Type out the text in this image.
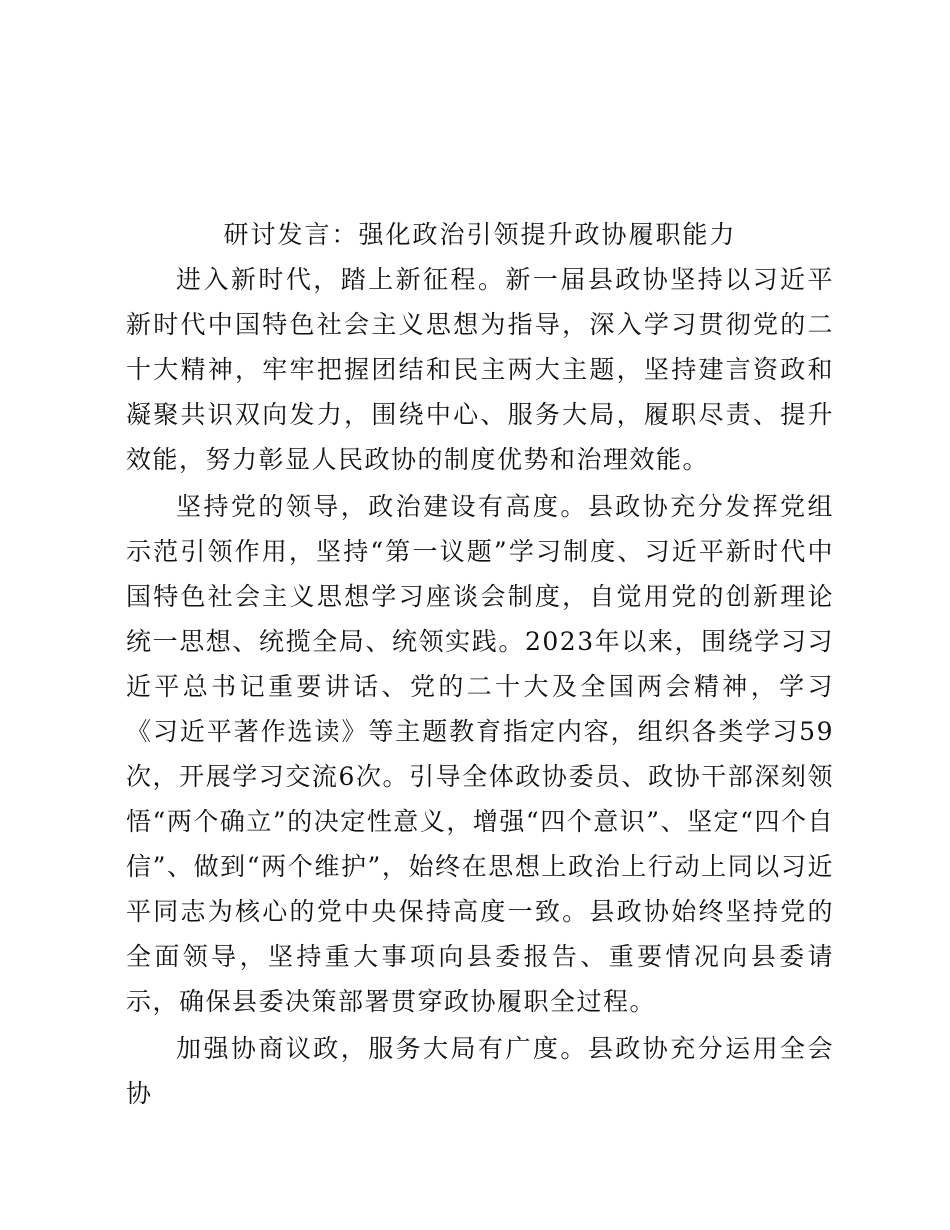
研讨发言：强化政治引领提升政协履职能力

进入新时代，踏上新征程。新一届县政协坚持以习近平新时代中国特色社会主义思想为指导，深入学习贯彻党的二十大精神，牢牢把握团结和民主两大主题，坚持建言资政和凝聚共识双向发力，围绕中心、服务大局，履职尽责、提升效能，努力彰显人民政协的制度优势和治理效能。

坚持党的领导，政治建设有高度。县政协充分发挥党组示范引领作用，坚持“第一议题”学习制度、习近平新时代中国特色社会主义思想学习座谈会制度，自觉用党的创新理论统一思想、统揽全局、统领实践。2023年以来，围绕学习习近平总书记重要讲话、党的二十大及全国两会精神，学习《习近平著作选读》等主题教育指定内容，组织各类学习59次，开展学习交流6次。引导全体政协委员、政协干部深刻领悟“两个确立”的决定性意义，增强“四个意识”、坚定“四个自信”、做到“两个维护”，始终在思想上政治上行动上同以习近平同志为核心的党中央保持高度一致。县政协始终坚持党的全面领导，坚持重大事项向县委报告、重要情况向县委请示，确保县委决策部署贯穿政协履职全过程。

加强协商议政，服务大局有广度。县政协充分运用全会协
